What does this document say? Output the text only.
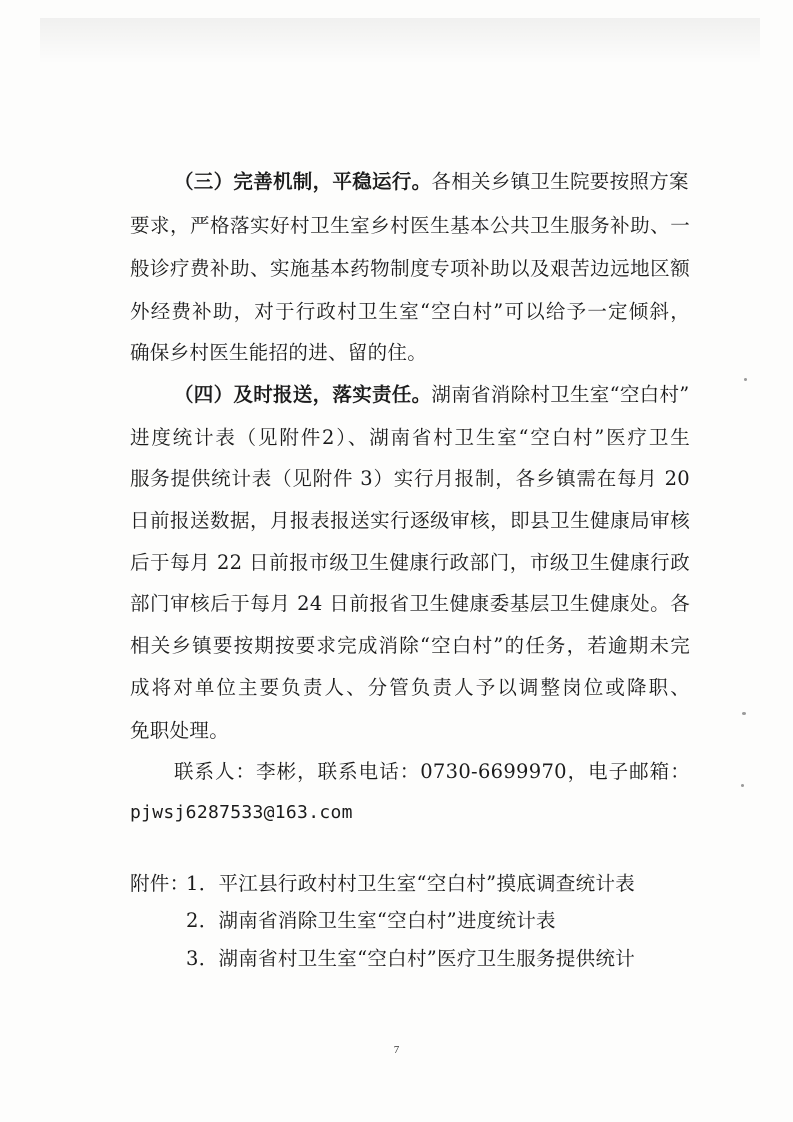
（三）完善机制，平稳运行。各相关乡镇卫生院要按照方案
要求，严格落实好村卫生室乡村医生基本公共卫生服务补助、一
般诊疗费补助、实施基本药物制度专项补助以及艰苦边远地区额
外经费补助，对于行政村卫生室“空白村”可以给予一定倾斜，
确保乡村医生能招的进、留的住。
（四）及时报送，落实责任。湖南省消除村卫生室“空白村”
进度统计表（见附件2）、湖南省村卫生室“空白村”医疗卫生
服务提供统计表（见附件 3）实行月报制，各乡镇需在每月 20
日前报送数据，月报表报送实行逐级审核，即县卫生健康局审核
后于每月 22 日前报市级卫生健康行政部门，市级卫生健康行政
部门审核后于每月 24 日前报省卫生健康委基层卫生健康处。各
相关乡镇要按期按要求完成消除“空白村”的任务，若逾期未完
成将对单位主要负责人、分管负责人予以调整岗位或降职、
免职处理。
联系人：李彬，联系电话：0730-6699970，电子邮箱：
pjwsj6287533@163.com
附件：
1．平江县行政村村卫生室“空白村”摸底调查统计表
2．湖南省消除卫生室“空白村”进度统计表
3．湖南省村卫生室“空白村”医疗卫生服务提供统计
7
